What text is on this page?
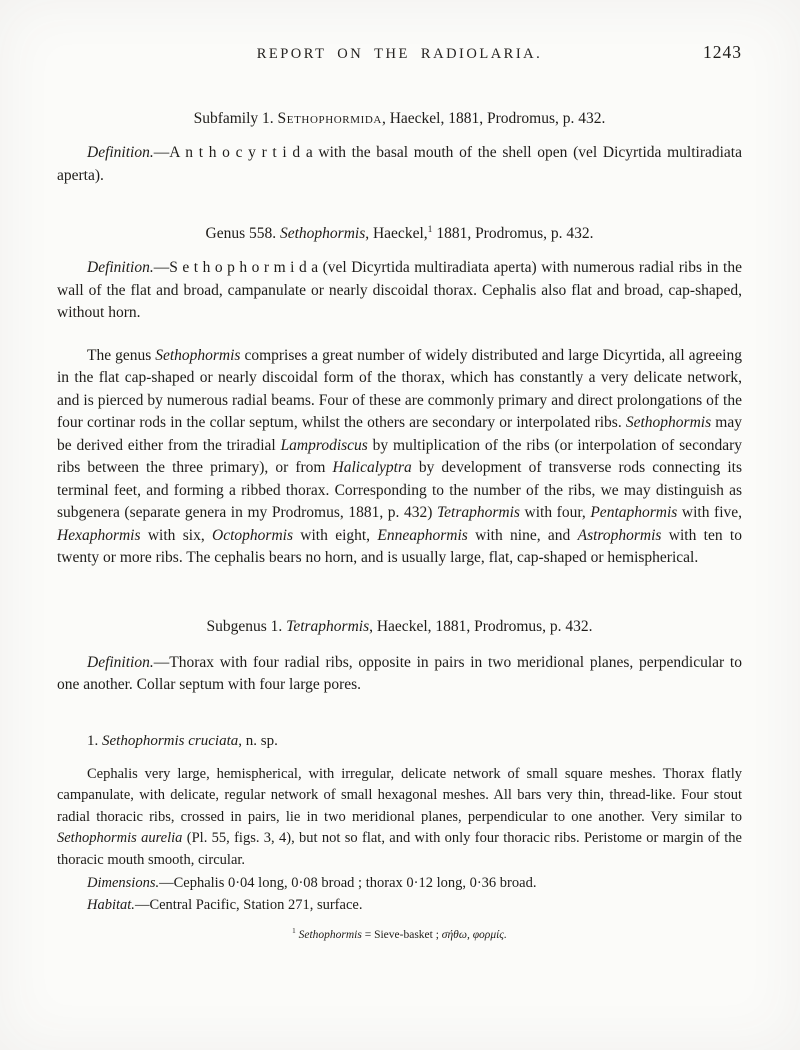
REPORT ON THE RADIOLARIA.	1243
Subfamily 1. Sethophormida, Haeckel, 1881, Prodromus, p. 432.

Definition.—A n t h o c y r t i d a with the basal mouth of the shell open (vel Dicyrtida multiradiata aperta).

Genus 558. Sethophormis, Haeckel,$^1$ 1881, Prodromus, p. 432.

Definition.—S e t h o p h o r m i d a (vel Dicyrtida multiradiata aperta) with numerous radial ribs in the wall of the flat and broad, campanulate or nearly discoidal thorax. Cephalis also flat and broad, cap-shaped, without horn.

The genus Sethophormis comprises a great number of widely distributed and large Dicyrtida, all agreeing in the flat cap-shaped or nearly discoidal form of the thorax, which has constantly a very delicate network, and is pierced by numerous radial beams. Four of these are commonly primary and direct prolongations of the four cortinar rods in the collar septum, whilst the others are secondary or interpolated ribs. Sethophormis may be derived either from the triradial Lamprodiscus by multiplication of the ribs (or interpolation of secondary ribs between the three primary), or from Halicalyptra by development of transverse rods connecting its terminal feet, and forming a ribbed thorax. Corresponding to the number of the ribs, we may distinguish as subgenera (separate genera in my Prodromus, 1881, p. 432) Tetraphormis with four, Pentaphormis with five, Hexaphormis with six, Octophormis with eight, Enneaphormis with nine, and Astrophormis with ten to twenty or more ribs. The cephalis bears no horn, and is usually large, flat, cap-shaped or hemispherical.

Subgenus 1. Tetraphormis, Haeckel, 1881, Prodromus, p. 432.

Definition.—Thorax with four radial ribs, opposite in pairs in two meridional planes, perpendicular to one another. Collar septum with four large pores.

1. Sethophormis cruciata, n. sp.

Cephalis very large, hemispherical, with irregular, delicate network of small square meshes. Thorax flatly campanulate, with delicate, regular network of small hexagonal meshes. All bars very thin, thread-like. Four stout radial thoracic ribs, crossed in pairs, lie in two meridional planes, perpendicular to one another. Very similar to Sethophormis aurelia (Pl. 55, figs. 3, 4), but not so flat, and with only four thoracic ribs. Peristome or margin of the thoracic mouth smooth, circular.

Dimensions.—Cephalis 0·04 long, 0·08 broad ; thorax 0·12 long, 0·36 broad.

Habitat.—Central Pacific, Station 271, surface.

$^1$ Sethophormis = Sieve-basket ; σήθω, φορμίς.
